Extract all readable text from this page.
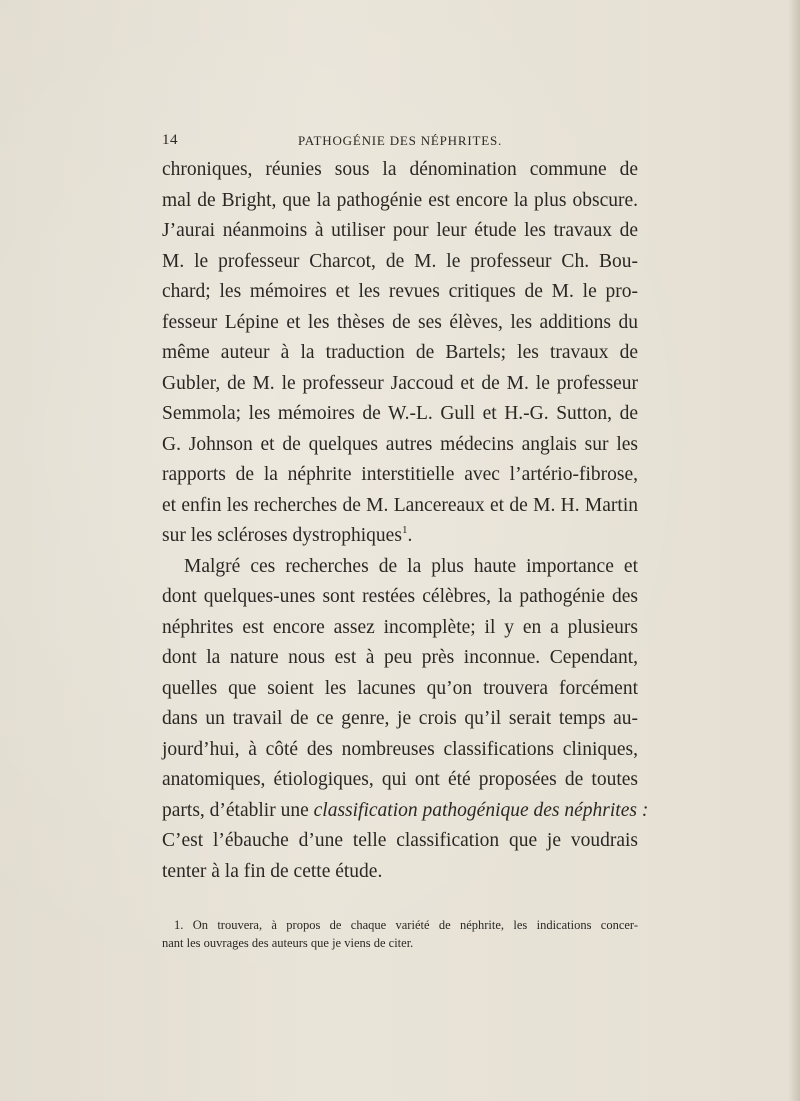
14	PATHOGÉNIE DES NÉPHRITES.
chroniques, réunies sous la dénomination commune de
mal de Bright, que la pathogénie est encore la plus obscure.
J’aurai néanmoins à utiliser pour leur étude les travaux de
M. le professeur Charcot, de M. le professeur Ch. Bou-
chard; les mémoires et les revues critiques de M. le pro-
fesseur Lépine et les thèses de ses élèves, les additions du
même auteur à la traduction de Bartels; les travaux de
Gubler, de M. le professeur Jaccoud et de M. le professeur
Semmola; les mémoires de W.-L. Gull et H.-G. Sutton, de
G. Johnson et de quelques autres médecins anglais sur les
rapports de la néphrite interstitielle avec l’artério-fibrose,
et enfin les recherches de M. Lancereaux et de M. H. Martin
sur les scléroses dystrophiques$^1$.
Malgré ces recherches de la plus haute importance et
dont quelques-unes sont restées célèbres, la pathogénie des
néphrites est encore assez incomplète; il y en a plusieurs
dont la nature nous est à peu près inconnue. Cependant,
quelles que soient les lacunes qu’on trouvera forcément
dans un travail de ce genre, je crois qu’il serait temps au-
jourd’hui, à côté des nombreuses classifications cliniques,
anatomiques, étiologiques, qui ont été proposées de toutes
parts, d’établir une classification pathogénique des néphrites :
C’est l’ébauche d’une telle classification que je voudrais
tenter à la fin de cette étude.
1. On trouvera, à propos de chaque variété de néphrite, les indications concer-
nant les ouvrages des auteurs que je viens de citer.
